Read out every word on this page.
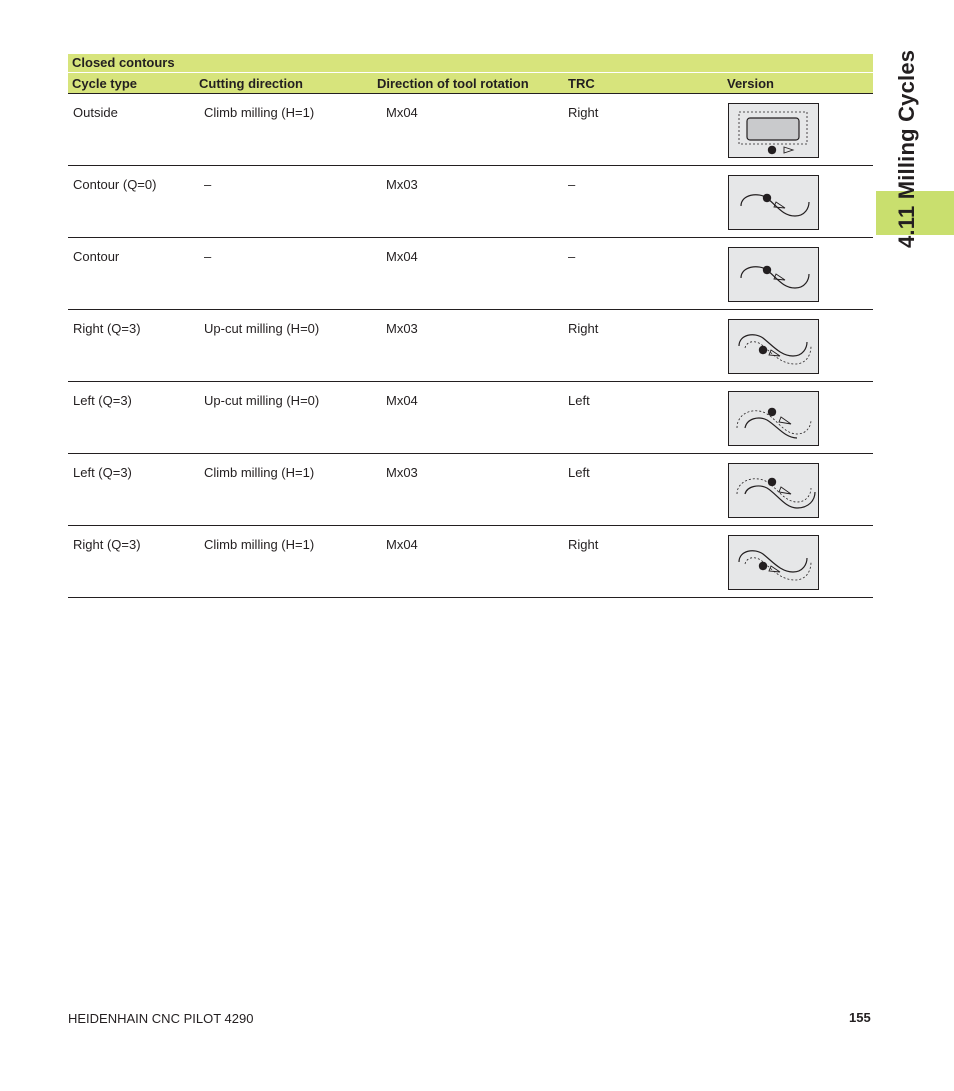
4.11 Milling Cycles
Closed contours
Cycle type	Cutting direction	Direction of tool rotation	TRC	Version
Outside	Climb milling (H=1)	Mx04	Right
Contour (Q=0)	–	Mx03	–
Contour	–	Mx04	–
Right (Q=3)	Up-cut milling (H=0)	Mx03	Right
Left (Q=3)	Up-cut milling (H=0)	Mx04	Left
Left (Q=3)	Climb milling (H=1)	Mx03	Left
Right (Q=3)	Climb milling (H=1)	Mx04	Right
HEIDENHAIN CNC PILOT 4290	155
